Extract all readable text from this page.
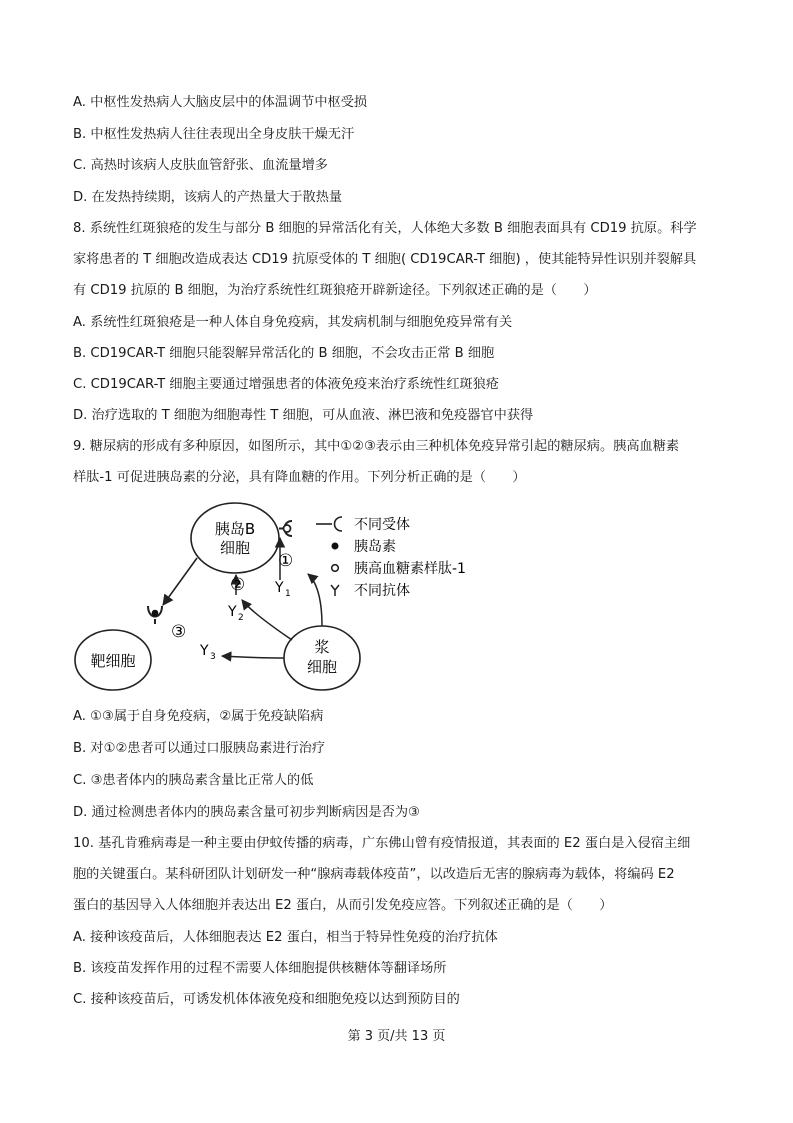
A. 中枢性发热病人大脑皮层中的体温调节中枢受损
B. 中枢性发热病人往往表现出全身皮肤干燥无汗
C. 高热时该病人皮肤血管舒张、血流量增多
D. 在发热持续期，该病人的产热量大于散热量
8. 系统性红斑狼疮的发生与部分 B 细胞的异常活化有关，人体绝大多数 B 细胞表面具有 CD19 抗原。科学
家将患者的 T 细胞改造成表达 CD19 抗原受体的 T 细胞( CD19CAR-T 细胞) ，使其能特异性识别并裂解具
有 CD19 抗原的 B 细胞，为治疗系统性红斑狼疮开辟新途径。下列叙述正确的是（　　）
A. 系统性红斑狼疮是一种人体自身免疫病，其发病机制与细胞免疫异常有关
B. CD19CAR-T 细胞只能裂解异常活化的 B 细胞，不会攻击正常 B 细胞
C. CD19CAR-T 细胞主要通过增强患者的体液免疫来治疗系统性红斑狼疮
D. 治疗选取的 T 细胞为细胞毒性 T 细胞，可从血液、淋巴液和免疫器官中获得
9. 糖尿病的形成有多种原因，如图所示，其中①②③表示由三种机体免疫异常引起的糖尿病。胰高血糖素
样肽-1 可促进胰岛素的分泌，具有降血糖的作用。下列分析正确的是（　　）
胰岛B
细胞
靶细胞
浆
细胞
①
②
③
Y 1
Y 2
Y 3
不同受体
胰岛素
胰高血糖素样肽-1
不同抗体
A. ①③属于自身免疫病，②属于免疫缺陷病
B. 对①②患者可以通过口服胰岛素进行治疗
C. ③患者体内的胰岛素含量比正常人的低
D. 通过检测患者体内的胰岛素含量可初步判断病因是否为③
10. 基孔肯雅病毒是一种主要由伊蚊传播的病毒，广东佛山曾有疫情报道，其表面的 E2 蛋白是入侵宿主细
胞的关键蛋白。某科研团队计划研发一种“腺病毒载体疫苗”，以改造后无害的腺病毒为载体，将编码 E2
蛋白的基因导入人体细胞并表达出 E2 蛋白，从而引发免疫应答。下列叙述正确的是（　　）
A. 接种该疫苗后，人体细胞表达 E2 蛋白，相当于特异性免疫的治疗抗体
B. 该疫苗发挥作用的过程不需要人体细胞提供核糖体等翻译场所
C. 接种该疫苗后，可诱发机体体液免疫和细胞免疫以达到预防目的
第 3 页/共 13 页
